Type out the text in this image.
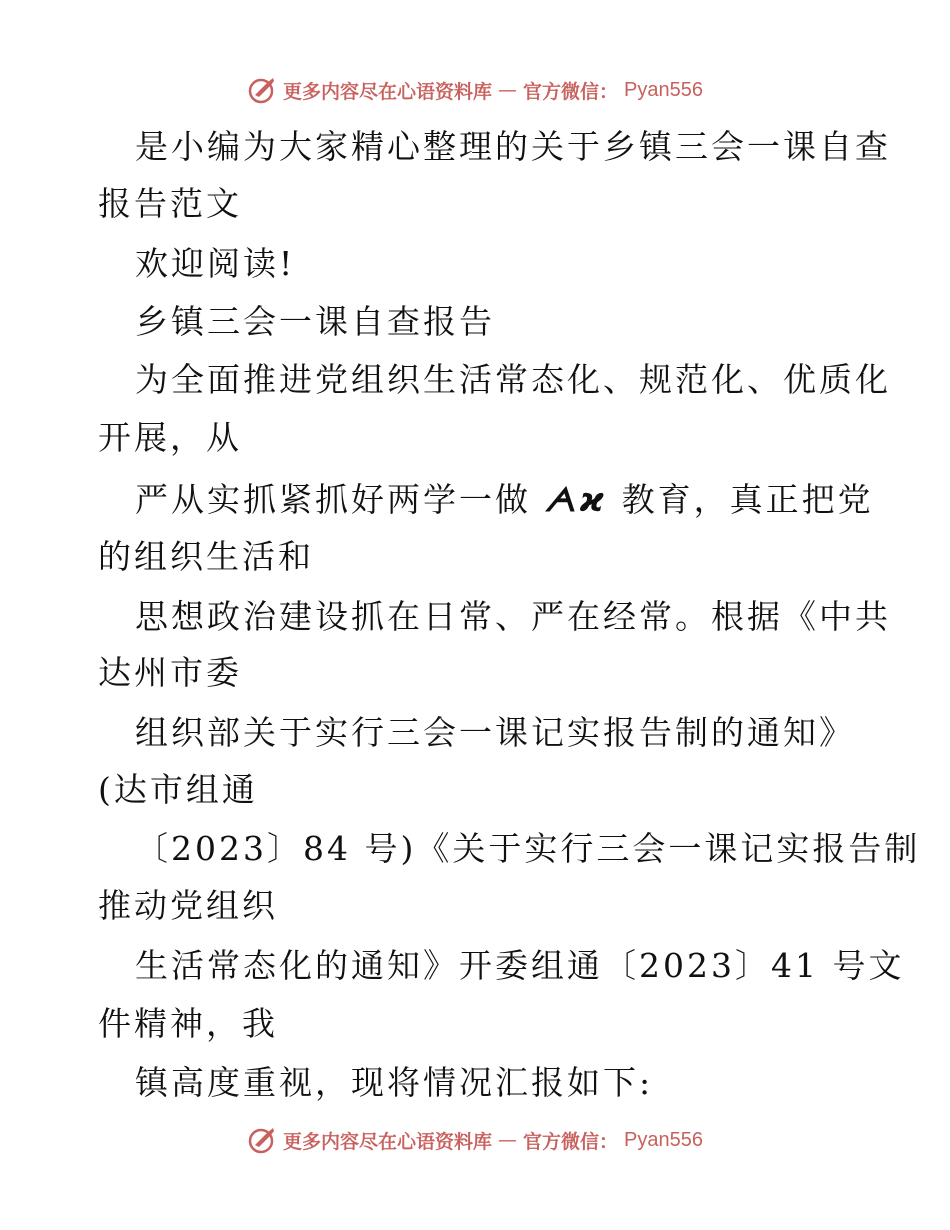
更多内容尽在心语资料库 — 官方微信： Pyan556
是小编为大家精心整理的关于乡镇三会一课自查
报告范文
欢迎阅读!
乡镇三会一课自查报告
为全面推进党组织生活常态化、规范化、优质化
开展，从
严从实抓紧抓好两学一做 ᗅϰ 教育，真正把党
的组织生活和
思想政治建设抓在日常、严在经常。根据《中共
达州市委
组织部关于实行三会一课记实报告制的通知》
(达市组通
〔2023〕84 号)《关于实行三会一课记实报告制
推动党组织
生活常态化的通知》开委组通〔2023〕41 号文
件精神，我
镇高度重视，现将情况汇报如下:
更多内容尽在心语资料库 — 官方微信： Pyan556
